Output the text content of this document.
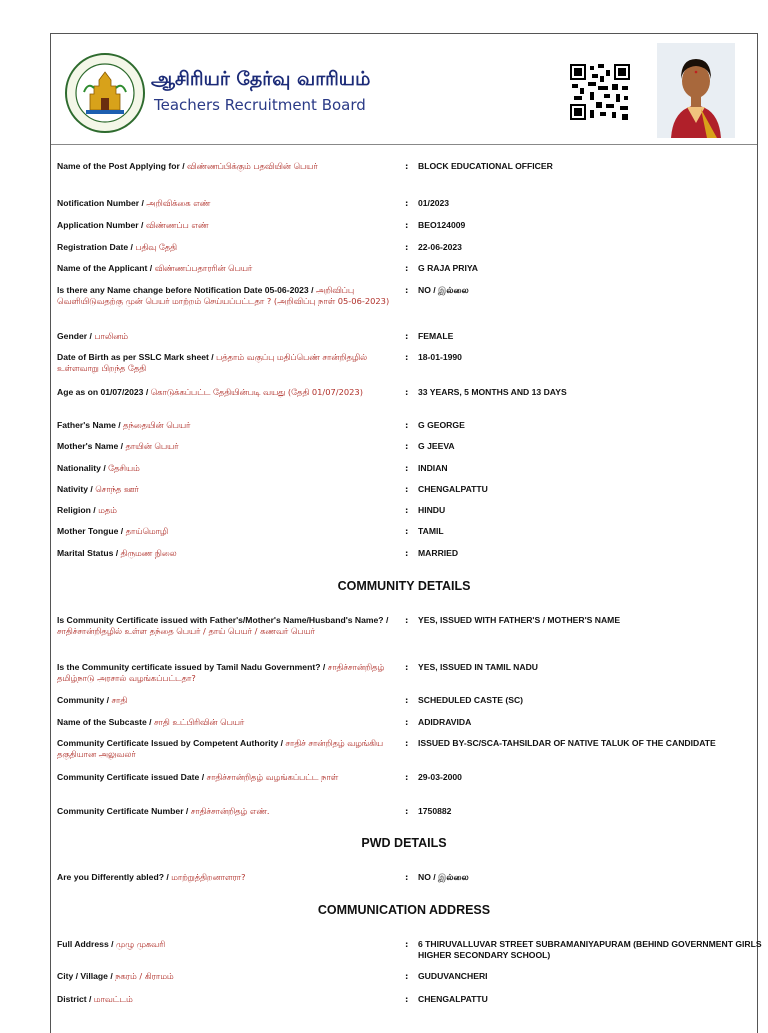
ஆசிரியர் தேர்வு வாரியம்
Teachers Recruitment Board
COMMUNITY DETAILS
PWD DETAILS
COMMUNICATION ADDRESS
Name of the Post Applying for / விண்ணப்பிக்கும் பதவியின் பெயர்	: BLOCK EDUCATIONAL OFFICER
Notification Number / அறிவிக்கை எண்	: 01/2023
Application Number / விண்ணப்ப எண்	: BEO124009
Registration Date / பதிவு தேதி	: 22-06-2023
Name of the Applicant / விண்ணப்பதாரரின் பெயர்	: G RAJA PRIYA
Is there any Name change before Notification Date 05-06-2023 / அறிவிப்பு வெளியிடுவதற்கு முன் பெயர் மாற்றம் செய்யப்பட்டதா ? (அறிவிப்பு நாள் 05-06-2023)
: NO / இல்லை
Gender / பாலினம்	: FEMALE
Date of Birth as per SSLC Mark sheet / பத்தாம் வகுப்பு மதிப்பெண் சான்றிதழில் உள்ளவாறு பிறந்த தேதி
: 18-01-1990
Age as on 01/07/2023 / கொடுக்கப்பட்ட தேதியின்படி வயது (தேதி 01/07/2023)	: 33 YEARS, 5 MONTHS AND 13 DAYS
Father's Name / தந்தையின் பெயர்	: G GEORGE
Mother's Name / தாயின் பெயர்	: G JEEVA
Nationality / தேசியம்	: INDIAN
Nativity / சொந்த ஊர்	: CHENGALPATTU
Religion / மதம்	: HINDU
Mother Tongue / தாய்மொழி	: TAMIL
Marital Status / திருமண நிலை	: MARRIED
Is Community Certificate issued with Father's/Mother's Name/Husband's Name? / சாதிச்சான்றிதழில் உள்ள தந்தை பெயர் / தாய் பெயர் / கணவர் பெயர்
: YES, ISSUED WITH FATHER'S / MOTHER'S NAME
Is the Community certificate issued by Tamil Nadu Government? / சாதிச்சான்றிதழ் தமிழ்நாடு அரசால் வழங்கப்பட்டதா?
: YES, ISSUED IN TAMIL NADU
Community / சாதி	: SCHEDULED CASTE (SC)
Name of the Subcaste / சாதி உட்பிரிவின் பெயர்	: ADIDRAVIDA
Community Certificate Issued by Competent Authority / சாதிச் சான்றிதழ் வழங்கிய தகுதியான அலுவலர்
: ISSUED BY-SC/SCA-TAHSILDAR OF NATIVE TALUK OF THE CANDIDATE
Community Certificate issued Date / சாதிச்சான்றிதழ் வழங்கப்பட்ட நாள்	: 29-03-2000
Community Certificate Number / சாதிச்சான்றிதழ் எண்.	: 1750882
Are you Differently abled? / மாற்றுத்திறனாளரா?	: NO / இல்லை
Full Address / முழு முகவரி	: 6 THIRUVALLUVAR STREET SUBRAMANIYAPURAM (BEHIND GOVERNMENT GIRLS HIGHER SECONDARY SCHOOL)
City / Village / நகரம் / கிராமம்	: GUDUVANCHERI
District / மாவட்டம்	: CHENGALPATTU
